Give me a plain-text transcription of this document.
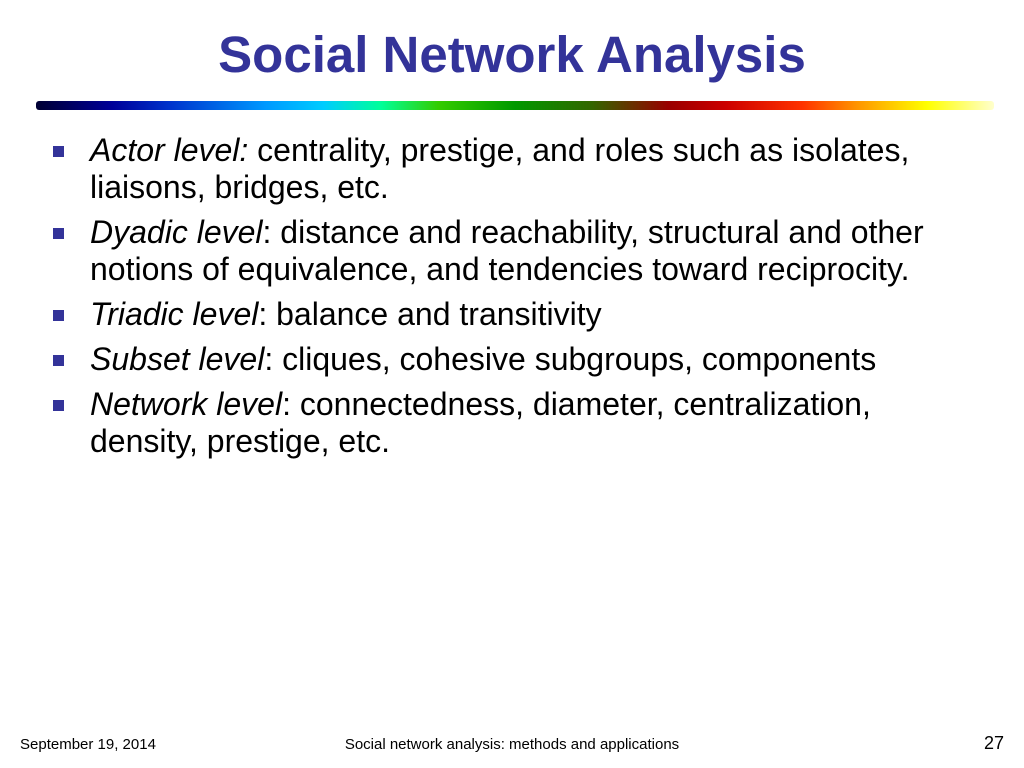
Social Network Analysis
Actor level: centrality, prestige, and roles such as isolates, liaisons, bridges, etc.
Dyadic level: distance and reachability, structural and other notions of equivalence, and tendencies toward reciprocity.
Triadic level: balance and transitivity
Subset level: cliques, cohesive subgroups, components
Network level: connectedness, diameter, centralization, density, prestige, etc.
September 19, 2014	Social network analysis: methods and applications	27
